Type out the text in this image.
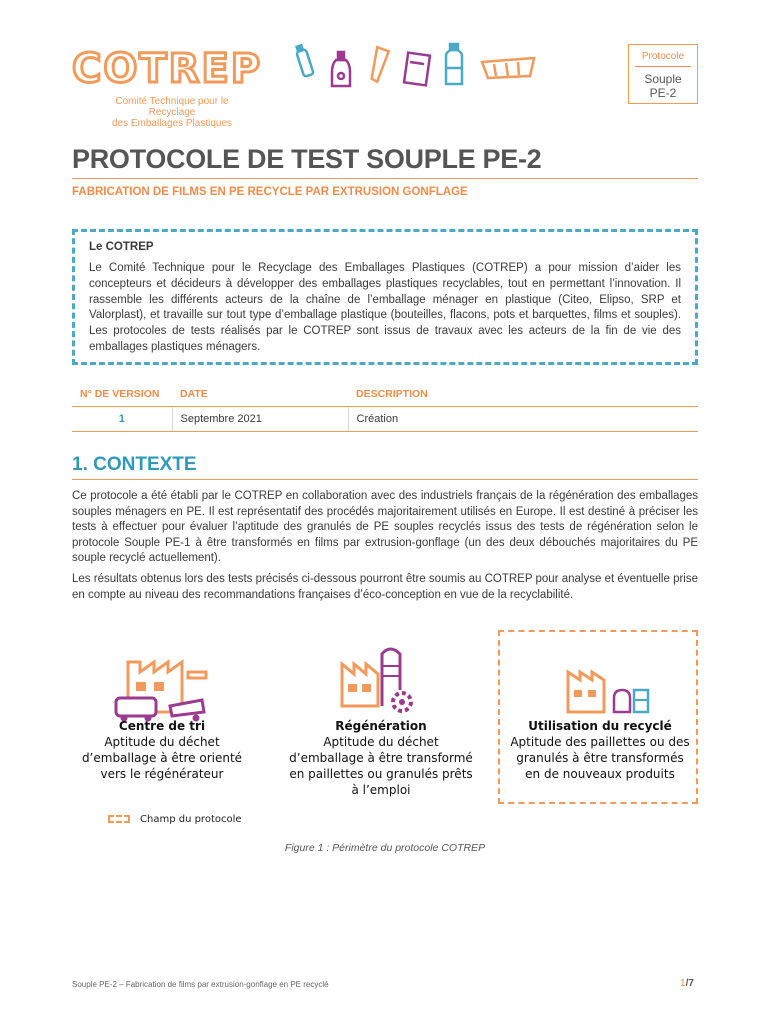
COTREP
Comité Technique pour le Recyclage
des Emballages Plastiques
Protocole
Souple
PE-2
PROTOCOLE DE TEST SOUPLE PE-2
FABRICATION DE FILMS EN PE RECYCLE PAR EXTRUSION GONFLAGE
Le COTREP
Le Comité Technique pour le Recyclage des Emballages Plastiques (COTREP) a pour mission d’aider les concepteurs et décideurs à développer des emballages plastiques recyclables, tout en permettant l’innovation. Il rassemble les différents acteurs de la chaîne de l’emballage ménager en plastique (Citeo, Elipso, SRP et Valorplast), et travaille sur tout type d’emballage plastique (bouteilles, flacons, pots et barquettes, films et souples). Les protocoles de tests réalisés par le COTREP sont issus de travaux avec les acteurs de la fin de vie des emballages plastiques ménagers.
N° DE VERSION	DATE	DESCRIPTION
1	Septembre 2021	Création
1. CONTEXTE
Ce protocole a été établi par le COTREP en collaboration avec des industriels français de la régénération des emballages souples ménagers en PE. Il est représentatif des procédés majoritairement utilisés en Europe. Il est destiné à préciser les tests à effectuer pour évaluer l’aptitude des granulés de PE souples recyclés issus des tests de régénération selon le protocole Souple PE-1 à être transformés en films par extrusion-gonflage (un des deux débouchés majoritaires du PE souple recyclé actuellement).
Les résultats obtenus lors des tests précisés ci-dessous pourront être soumis au COTREP pour analyse et éventuelle prise en compte au niveau des recommandations françaises d’éco-conception en vue de la recyclabilité.
Centre de tri
Aptitude du déchet
d’emballage à être orienté
vers le régénérateur
Régénération
Aptitude du déchet
d’emballage à être transformé
en paillettes ou granulés prêts
à l’emploi
Utilisation du recyclé
Aptitude des paillettes ou des
granulés à être transformés
en de nouveaux produits
Champ du protocole
Figure 1 : Périmètre du protocole COTREP
Souple PE-2 – Fabrication de films par extrusion-gonflage en PE recyclé	1/7
